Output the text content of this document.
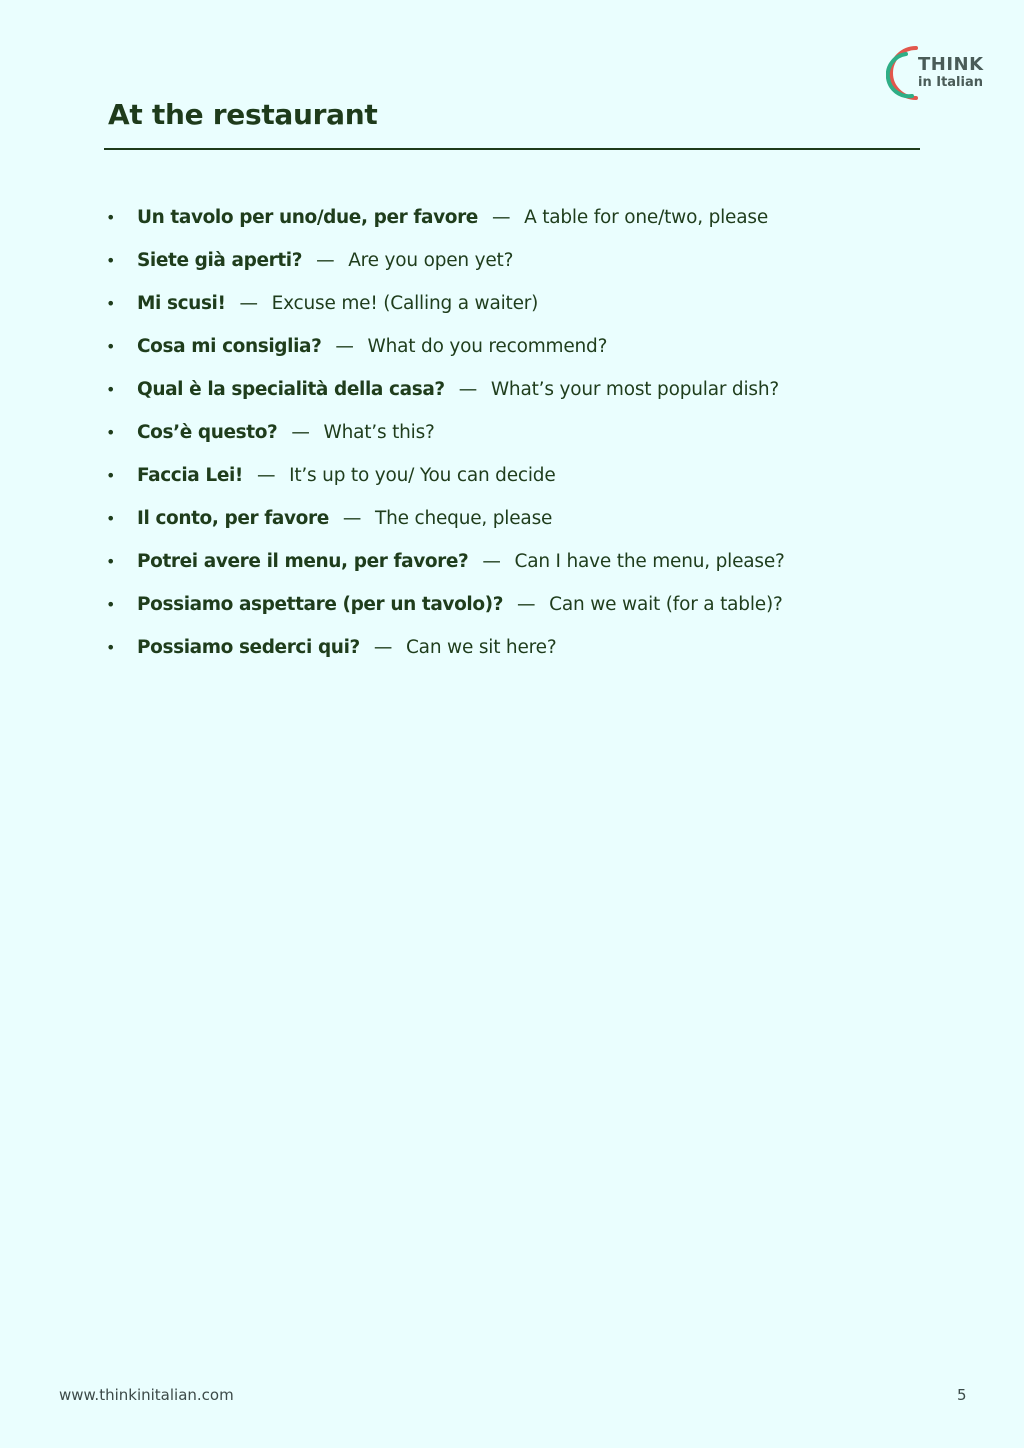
At the restaurant
THINK
in Italian
• Un tavolo per uno/due, per favore — A table for one/two, please
• Siete già aperti? — Are you open yet?
• Mi scusi! — Excuse me! (Calling a waiter)
• Cosa mi consiglia? — What do you recommend?
• Qual è la specialità della casa? — What’s your most popular dish?
• Cos’è questo? — What’s this?
• Faccia Lei! — It’s up to you/ You can decide
• Il conto, per favore — The cheque, please
• Potrei avere il menu, per favore? — Can I have the menu, please?
• Possiamo aspettare (per un tavolo)? — Can we wait (for a table)?
• Possiamo sederci qui? — Can we sit here?
www.thinkinitalian.com	5
